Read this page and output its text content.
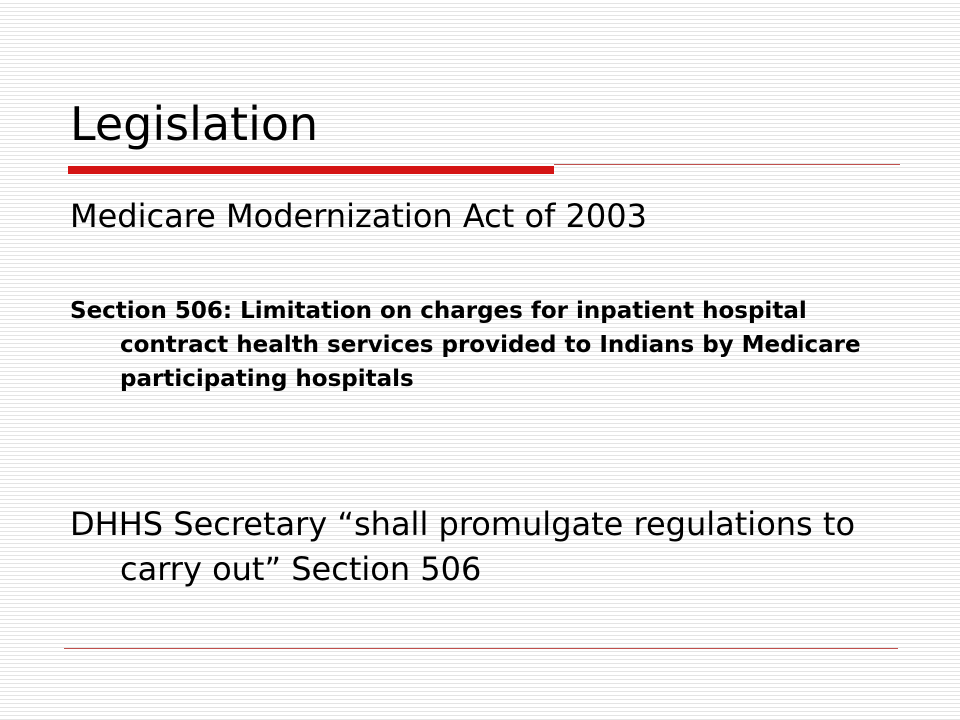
Legislation

Medicare Modernization Act of 2003

Section 506: Limitation on charges for inpatient hospital contract health services provided to Indians by Medicare participating hospitals

DHHS Secretary “shall promulgate regulations to carry out” Section 506
